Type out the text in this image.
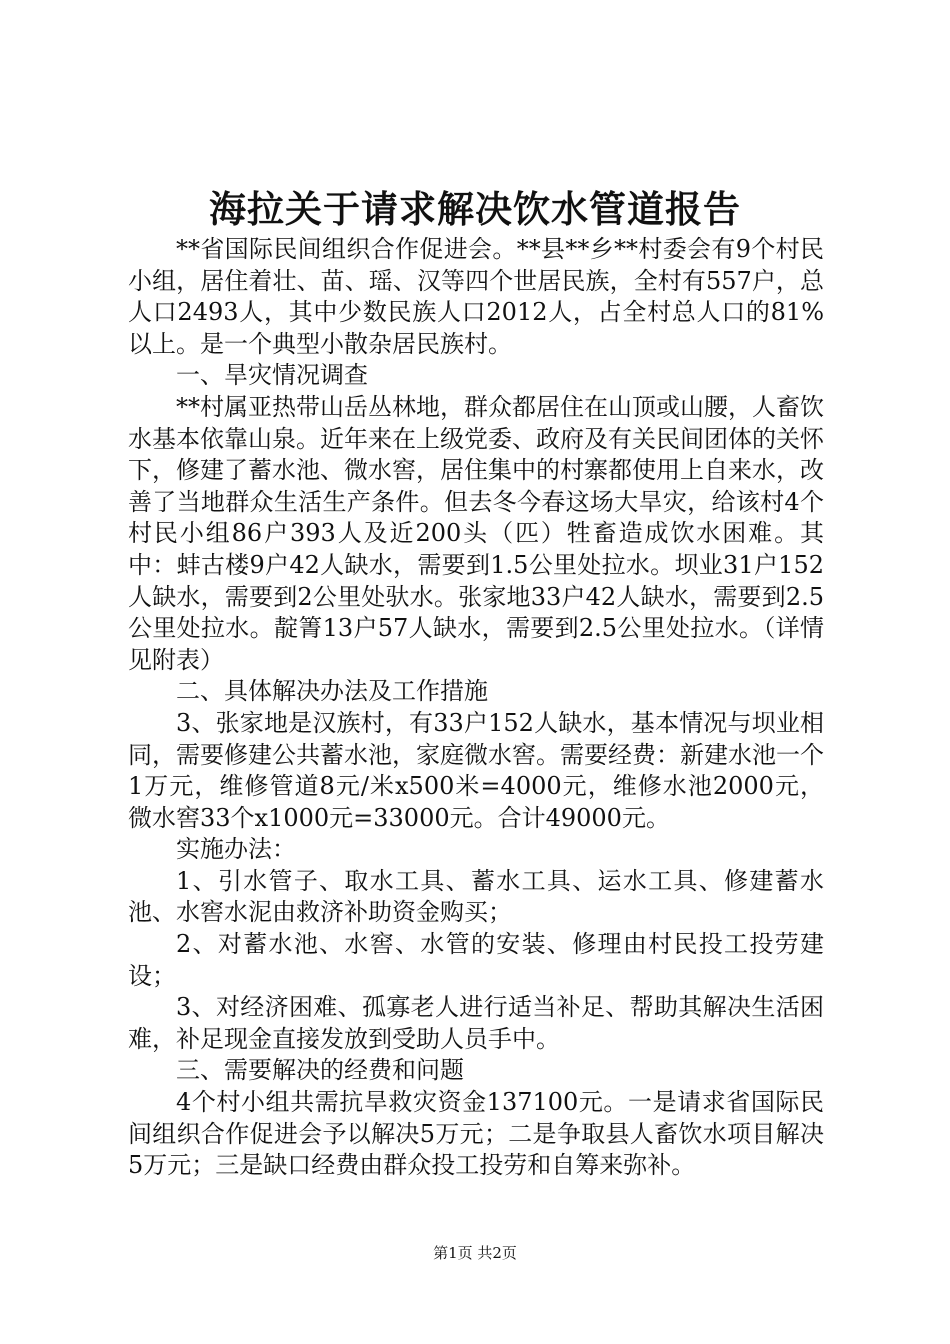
海拉关于请求解决饮水管道报告

**省国际民间组织合作促进会。**县**乡**村委会有9个村民小组，居住着壮、苗、瑶、汉等四个世居民族，全村有557户，总人口2493人，其中少数民族人口2012人，占全村总人口的81%以上。是一个典型小散杂居民族村。

一、旱灾情况调查

**村属亚热带山岳丛林地，群众都居住在山顶或山腰，人畜饮水基本依靠山泉。近年来在上级党委、政府及有关民间团体的关怀下，修建了蓄水池、微水窖，居住集中的村寨都使用上自来水，改善了当地群众生活生产条件。但去冬今春这场大旱灾，给该村4个村民小组86户393人及近200头（匹）牲畜造成饮水困难。其中：蚌古楼9户42人缺水，需要到1.5公里处拉水。坝业31户152人缺水，需要到2公里处驮水。张家地33户42人缺水，需要到2.5公里处拉水。靛箐13户57人缺水，需要到2.5公里处拉水。（详情见附表）

二、具体解决办法及工作措施

3、张家地是汉族村，有33户152人缺水，基本情况与坝业相同，需要修建公共蓄水池，家庭微水窖。需要经费：新建水池一个1万元，维修管道8元/米x500米=4000元，维修水池2000元，微水窖33个x1000元=33000元。合计49000元。

实施办法：

1、引水管子、取水工具、蓄水工具、运水工具、修建蓄水池、水窖水泥由救济补助资金购买；

2、对蓄水池、水窖、水管的安装、修理由村民投工投劳建设；

3、对经济困难、孤寡老人进行适当补足、帮助其解决生活困难，补足现金直接发放到受助人员手中。

三、需要解决的经费和问题

4个村小组共需抗旱救灾资金137100元。一是请求省国际民间组织合作促进会予以解决5万元；二是争取县人畜饮水项目解决5万元；三是缺口经费由群众投工投劳和自筹来弥补。

第1页 共2页
